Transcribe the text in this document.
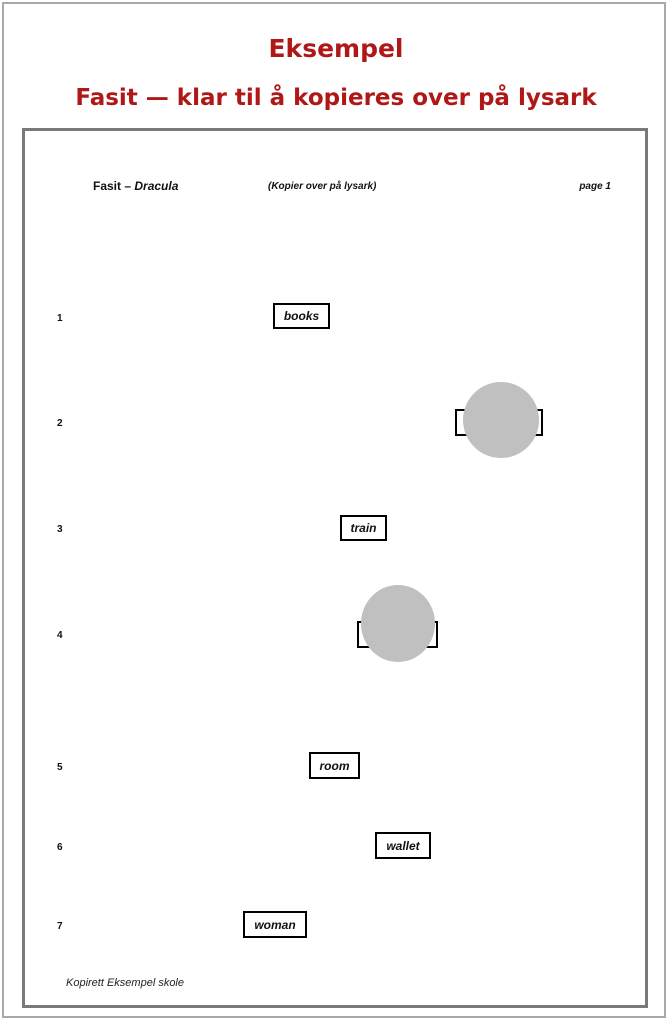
Eksempel
Fasit — klar til å kopieres over på lysark
Fasit – Dracula	(Kopier over på lysark)	page 1
1	books
2
3	train
4
5	room
6	wallet
7	woman
Kopirett Eksempel skole
